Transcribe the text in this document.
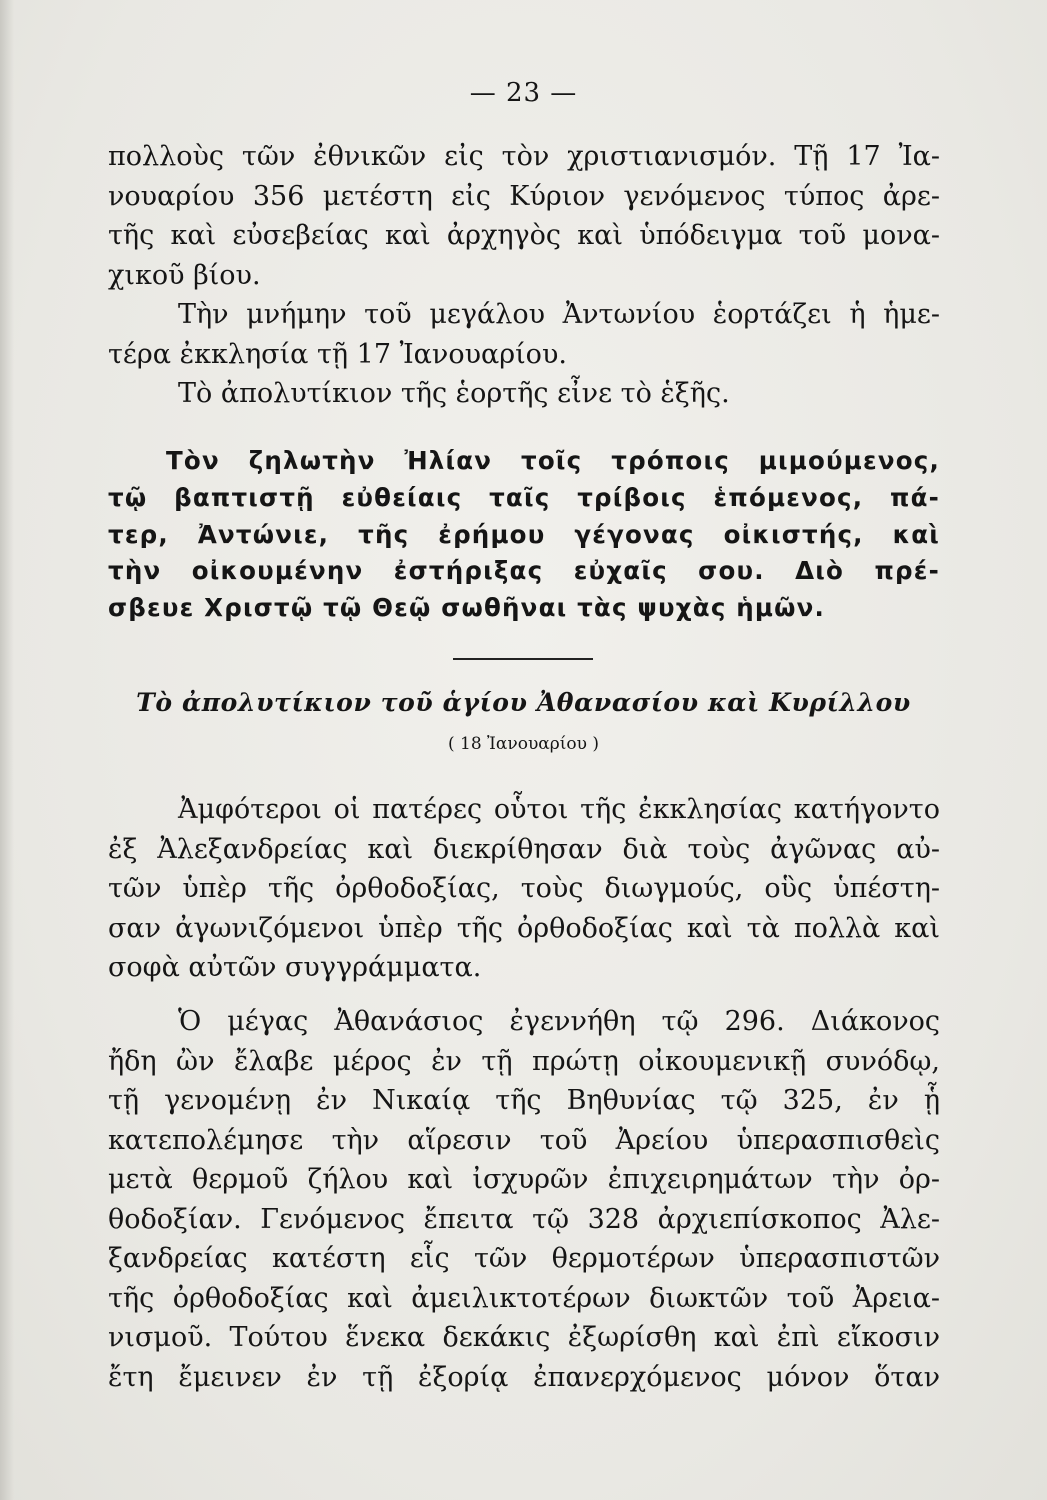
— 23 —
πολλοὺς τῶν ἐθνικῶν εἰς τὸν χριστιανισμόν. Τῇ 17 Ἰα-
νουαρίου 356 μετέστη εἰς Κύριον γενόμενος τύπος ἀρε-
τῆς καὶ εὐσεβείας καὶ ἀρχηγὸς καὶ ὑπόδειγμα τοῦ μονα-
χικοῦ βίου.
Τὴν μνήμην τοῦ μεγάλου Ἀντωνίου ἑορτάζει ἡ ἡμε-
τέρα ἐκκλησία τῇ 17 Ἰανουαρίου.
Τὸ ἀπολυτίκιον τῆς ἑορτῆς εἶνε τὸ ἑξῆς.
Τὸν ζηλωτὴν Ἠλίαν τοῖς τρόποις μιμούμενος,
τῷ βαπτιστῇ εὐθείαις ταῖς τρίβοις ἑπόμενος, πά-
τερ, Ἀντώνιε, τῆς ἐρήμου γέγονας οἰκιστής, καὶ
τὴν οἰκουμένην ἐστήριξας εὐχαῖς σου. Διὸ πρέ-
σβευε Χριστῷ τῷ Θεῷ σωθῆναι τὰς ψυχὰς ἡμῶν.
Τὸ ἀπολυτίκιον τοῦ ἁγίου Ἀθανασίου καὶ Κυρίλλου
( 18 Ἰανουαρίου )
Ἀμφότεροι οἱ πατέρες οὗτοι τῆς ἐκκλησίας κατήγοντο
ἐξ Ἀλεξανδρείας καὶ διεκρίθησαν διὰ τοὺς ἀγῶνας αὐ-
τῶν ὑπὲρ τῆς ὀρθοδοξίας, τοὺς διωγμούς, οὓς ὑπέστη-
σαν ἀγωνιζόμενοι ὑπὲρ τῆς ὀρθοδοξίας καὶ τὰ πολλὰ καὶ
σοφὰ αὐτῶν συγγράμματα.
Ὁ μέγας Ἀθανάσιος ἐγεννήθη τῷ 296. Διάκονος
ἤδη ὢν ἔλαβε μέρος ἐν τῇ πρώτῃ οἰκουμενικῇ συνόδῳ,
τῇ γενομένῃ ἐν Νικαίᾳ τῆς Βηθυνίας τῷ 325, ἐν ᾗ
κατεπολέμησε τὴν αἵρεσιν τοῦ Ἀρείου ὑπερασπισθεὶς
μετὰ θερμοῦ ζήλου καὶ ἰσχυρῶν ἐπιχειρημάτων τὴν ὀρ-
θοδοξίαν. Γενόμενος ἔπειτα τῷ 328 ἀρχιεπίσκοπος Ἀλε-
ξανδρείας κατέστη εἷς τῶν θερμοτέρων ὑπερασπιστῶν
τῆς ὀρθοδοξίας καὶ ἀμειλικτοτέρων διωκτῶν τοῦ Ἀρεια-
νισμοῦ. Τούτου ἕνεκα δεκάκις ἐξωρίσθη καὶ ἐπὶ εἴκοσιν
ἔτη ἔμεινεν ἐν τῇ ἐξορίᾳ ἐπανερχόμενος μόνον ὅταν
